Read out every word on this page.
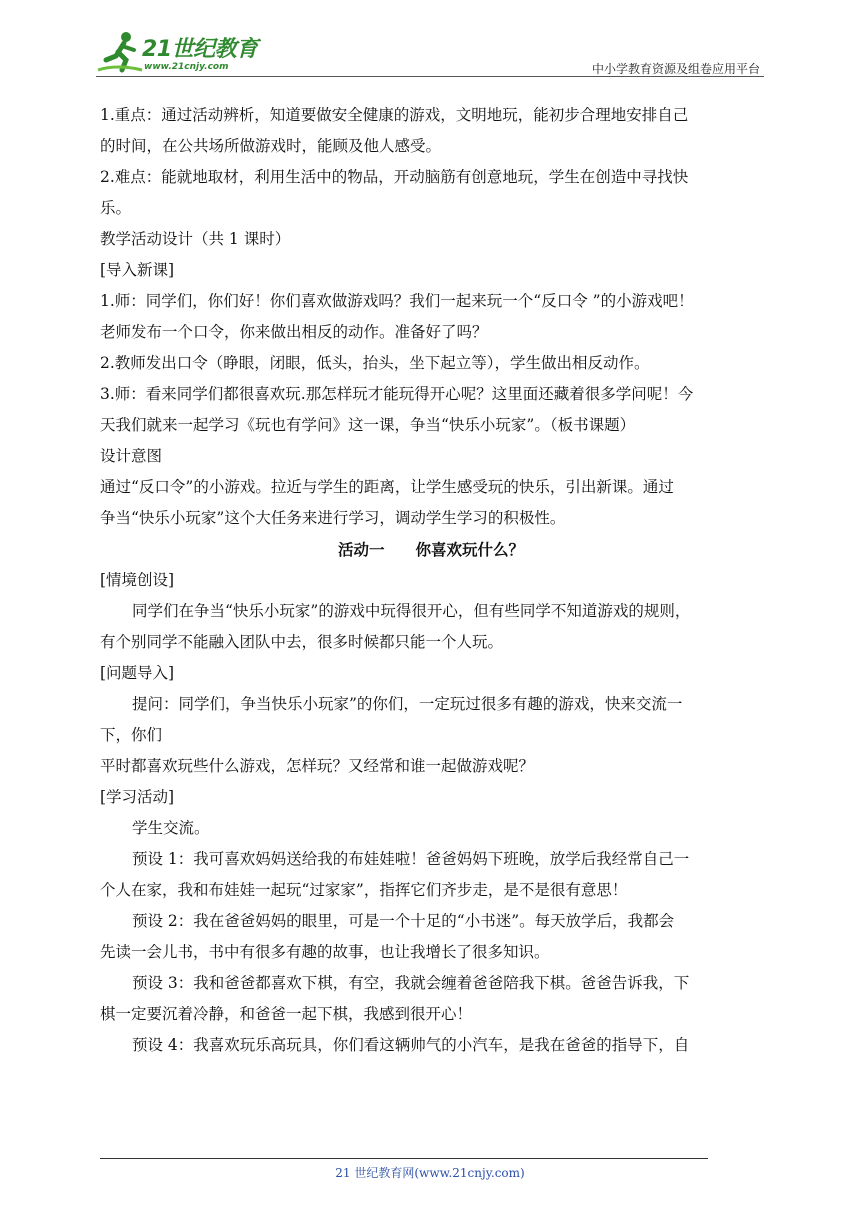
21世纪教育
www.21cnjy.com	中小学教育资源及组卷应用平台

1.重点：通过活动辨析，知道要做安全健康的游戏，文明地玩，能初步合理地安排自己

的时间，在公共场所做游戏时，能顾及他人感受。

2.难点：能就地取材，利用生活中的物品，开动脑筋有创意地玩，学生在创造中寻找快

乐。

教学活动设计（共 1 课时）

[导入新课]

1.师：同学们，你们好！你们喜欢做游戏吗？我们一起来玩一个“反口令 ”的小游戏吧！

老师发布一个口令，你来做出相反的动作。准备好了吗？

2.教师发出口令（睁眼，闭眼，低头，抬头，坐下起立等），学生做出相反动作。

3.师：看来同学们都很喜欢玩.那怎样玩才能玩得开心呢？这里面还藏着很多学问呢！今

天我们就来一起学习《玩也有学问》这一课，争当“快乐小玩家”。（板书课题）

设计意图

通过“反口令”的小游戏。拉近与学生的距离，让学生感受玩的快乐，引出新课。通过

争当“快乐小玩家”这个大任务来进行学习，调动学生学习的积极性。

活动一　　你喜欢玩什么？

[情境创设]

同学们在争当“快乐小玩家”的游戏中玩得很开心，但有些同学不知道游戏的规则，

有个别同学不能融入团队中去，很多时候都只能一个人玩。

[问题导入]

提问：同学们，争当快乐小玩家”的你们，一定玩过很多有趣的游戏，快来交流一

下，你们

平时都喜欢玩些什么游戏，怎样玩？又经常和谁一起做游戏呢？

[学习活动]

学生交流。

预设 1：我可喜欢妈妈送给我的布娃娃啦！爸爸妈妈下班晚，放学后我经常自己一

个人在家，我和布娃娃一起玩“过家家”，指挥它们齐步走，是不是很有意思！

预设 2：我在爸爸妈妈的眼里，可是一个十足的“小书迷”。每天放学后，我都会

先读一会儿书，书中有很多有趣的故事，也让我增长了很多知识。

预设 3：我和爸爸都喜欢下棋，有空，我就会缠着爸爸陪我下棋。爸爸告诉我，下

棋一定要沉着冷静，和爸爸一起下棋，我感到很开心！

预设 4：我喜欢玩乐高玩具，你们看这辆帅气的小汽车，是我在爸爸的指导下，自

21 世纪教育网(www.21cnjy.com)
